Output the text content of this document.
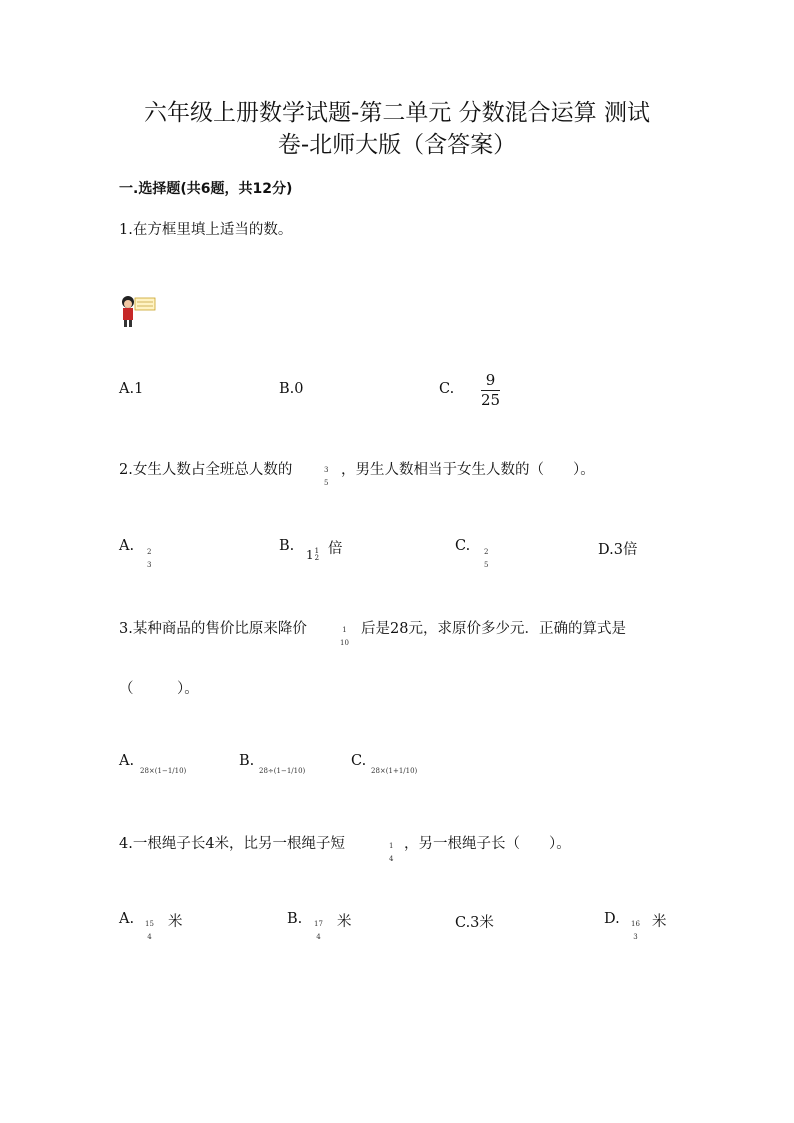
六年级上册数学试题-第二单元 分数混合运算 测试
卷-北师大版（含答案）
一.选择题(共6题，共12分)
1.在方框里填上适当的数。
A.1	B.0	C. 9
25
2.女生人数占全班总人数的	3
5
，男生人数相当于女生人数的（　　）。
A. 2
3
B.
1 1
2
倍	C. 2
5
D.3倍
3.某种商品的售价比原来降价	1
10
后是28元，求原价多少元．正确的算式是
（　　　）。
A.
28×(1−1/10)
B.
28÷(1−1/10)
C.
28×(1+1/10)
4.一根绳子长4米，比另一根绳子短	1
4
，另一根绳子长（　　）。
A. 15
4
米	B. 17
4
米	C.3米	D. 16
3
米
